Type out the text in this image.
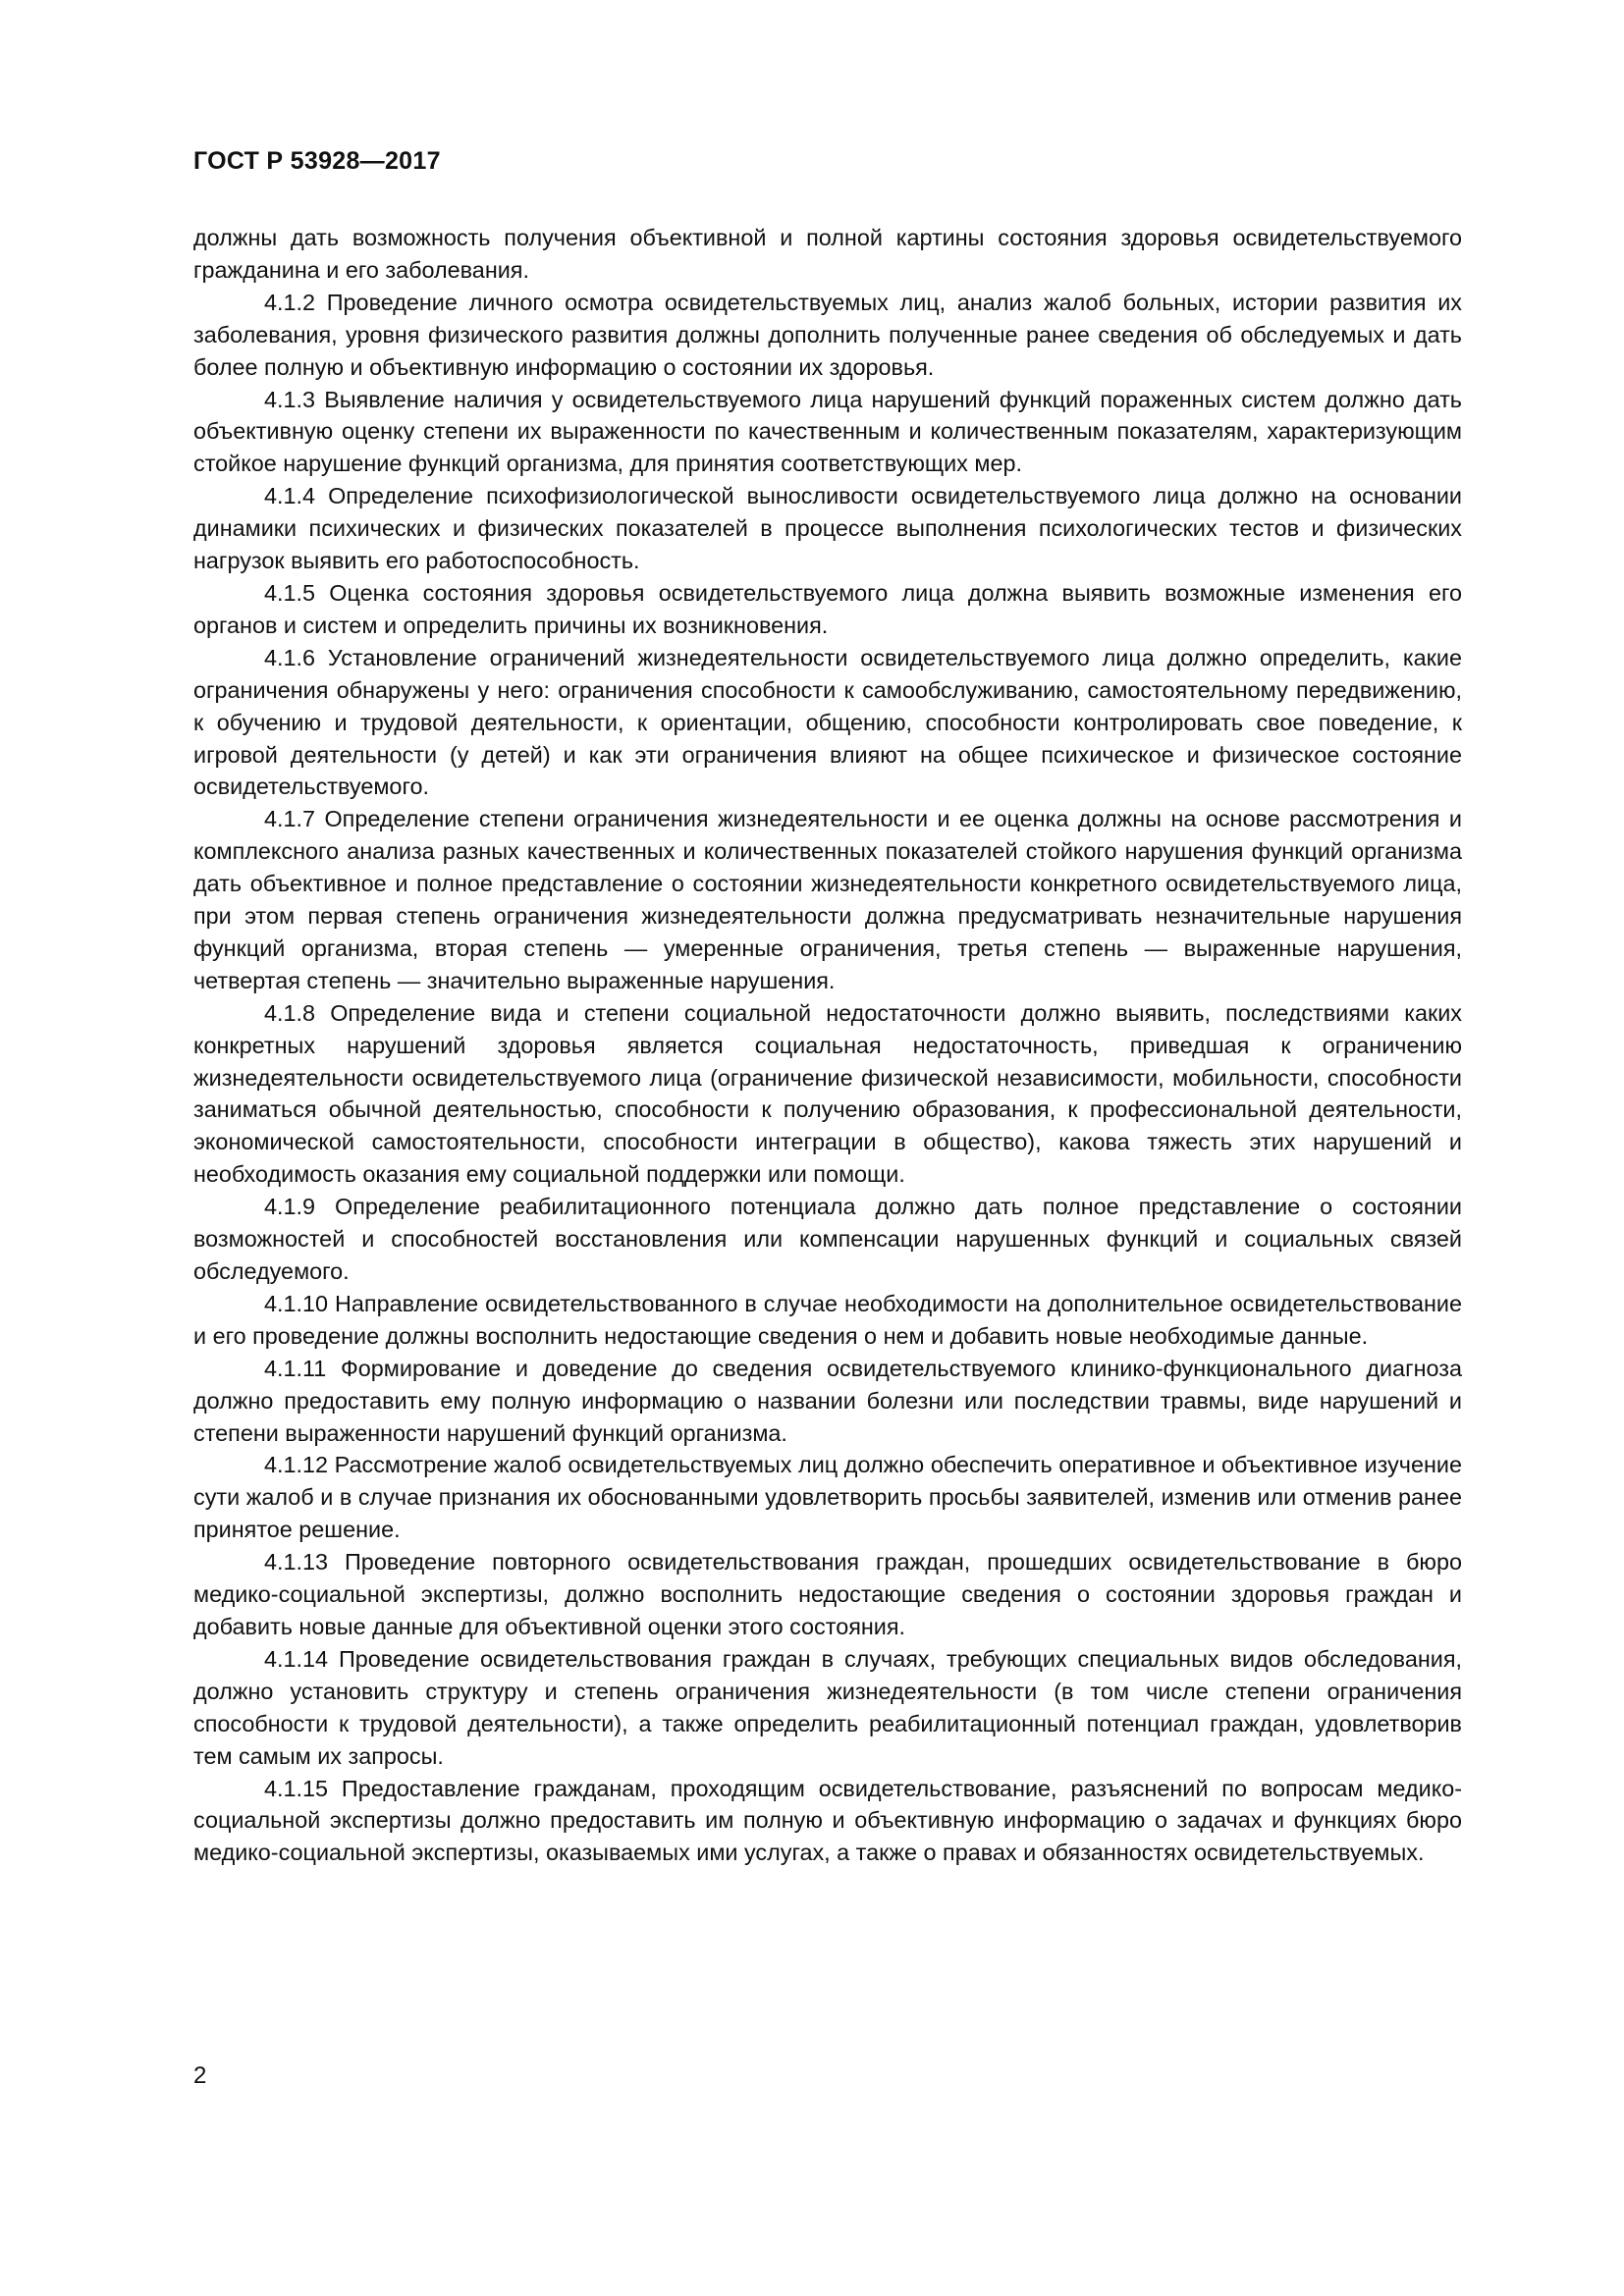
ГОСТ Р 53928—2017

должны дать возможность получения объективной и полной картины состояния здоровья освидетельствуемого гражданина и его заболевания.

4.1.2 Проведение личного осмотра освидетельствуемых лиц, анализ жалоб больных, истории развития их заболевания, уровня физического развития должны дополнить полученные ранее сведения об обследуемых и дать более полную и объективную информацию о состоянии их здоровья.

4.1.3 Выявление наличия у освидетельствуемого лица нарушений функций пораженных систем должно дать объективную оценку степени их выраженности по качественным и количественным показателям, характеризующим стойкое нарушение функций организма, для принятия соответствующих мер.

4.1.4 Определение психофизиологической выносливости освидетельствуемого лица должно на основании динамики психических и физических показателей в процессе выполнения психологических тестов и физических нагрузок выявить его работоспособность.

4.1.5 Оценка состояния здоровья освидетельствуемого лица должна выявить возможные изменения его органов и систем и определить причины их возникновения.

4.1.6 Установление ограничений жизнедеятельности освидетельствуемого лица должно определить, какие ограничения обнаружены у него: ограничения способности к самообслуживанию, самостоятельному передвижению, к обучению и трудовой деятельности, к ориентации, общению, способности контролировать свое поведение, к игровой деятельности (у детей) и как эти ограничения влияют на общее психическое и физическое состояние освидетельствуемого.

4.1.7 Определение степени ограничения жизнедеятельности и ее оценка должны на основе рассмотрения и комплексного анализа разных качественных и количественных показателей стойкого нарушения функций организма дать объективное и полное представление о состоянии жизнедеятельности конкретного освидетельствуемого лица, при этом первая степень ограничения жизнедеятельности должна предусматривать незначительные нарушения функций организма, вторая степень — умеренные ограничения, третья степень — выраженные нарушения, четвертая степень — значительно выраженные нарушения.

4.1.8 Определение вида и степени социальной недостаточности должно выявить, последствиями каких конкретных нарушений здоровья является социальная недостаточность, приведшая к ограничению жизнедеятельности освидетельствуемого лица (ограничение физической независимости, мобильности, способности заниматься обычной деятельностью, способности к получению образования, к профессиональной деятельности, экономической самостоятельности, способности интеграции в общество), какова тяжесть этих нарушений и необходимость оказания ему социальной поддержки или помощи.

4.1.9 Определение реабилитационного потенциала должно дать полное представление о состоянии возможностей и способностей восстановления или компенсации нарушенных функций и социальных связей обследуемого.

4.1.10 Направление освидетельствованного в случае необходимости на дополнительное освидетельствование и его проведение должны восполнить недостающие сведения о нем и добавить новые необходимые данные.

4.1.11 Формирование и доведение до сведения освидетельствуемого клинико-функционального диагноза должно предоставить ему полную информацию о названии болезни или последствии травмы, виде нарушений и степени выраженности нарушений функций организма.

4.1.12 Рассмотрение жалоб освидетельствуемых лиц должно обеспечить оперативное и объективное изучение сути жалоб и в случае признания их обоснованными удовлетворить просьбы заявителей, изменив или отменив ранее принятое решение.

4.1.13 Проведение повторного освидетельствования граждан, прошедших освидетельствование в бюро медико-социальной экспертизы, должно восполнить недостающие сведения о состоянии здоровья граждан и добавить новые данные для объективной оценки этого состояния.

4.1.14 Проведение освидетельствования граждан в случаях, требующих специальных видов обследования, должно установить структуру и степень ограничения жизнедеятельности (в том числе степени ограничения способности к трудовой деятельности), а также определить реабилитационный потенциал граждан, удовлетворив тем самым их запросы.

4.1.15 Предоставление гражданам, проходящим освидетельствование, разъяснений по вопросам медико-социальной экспертизы должно предоставить им полную и объективную информацию о задачах и функциях бюро медико-социальной экспертизы, оказываемых ими услугах, а также о правах и обязанностях освидетельствуемых.

2
